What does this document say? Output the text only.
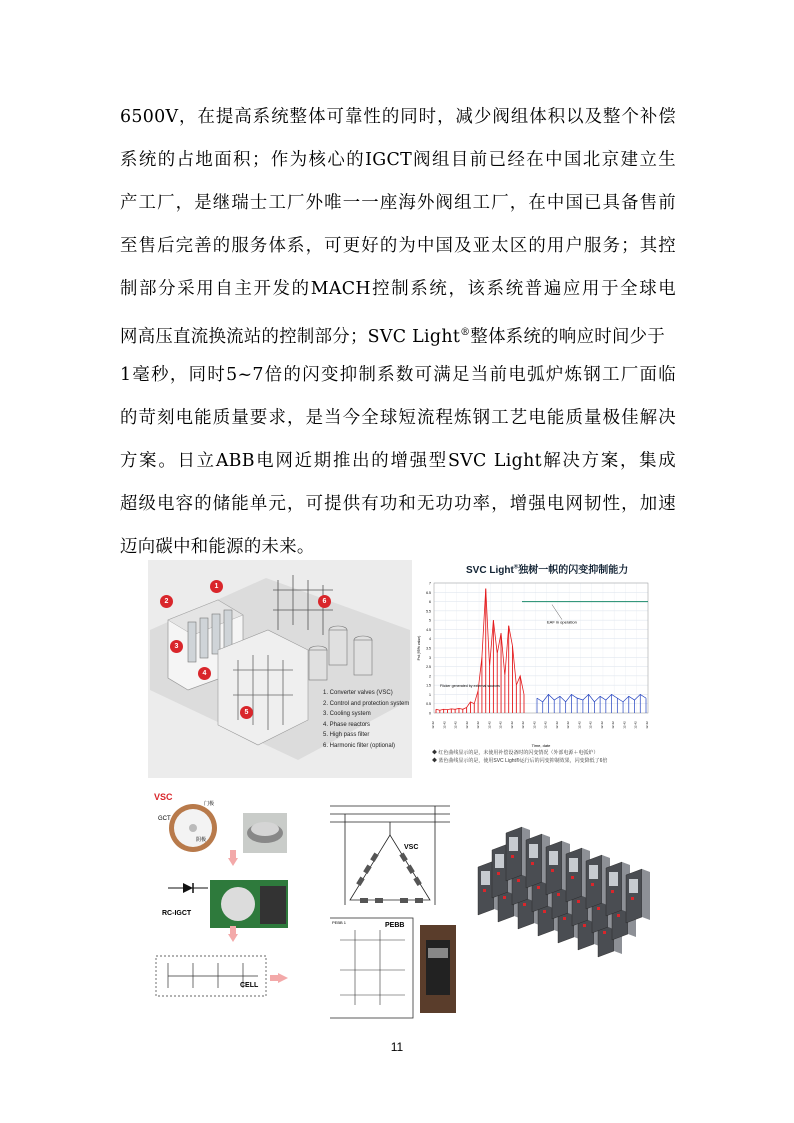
6500V，在提高系统整体可靠性的同时，减少阀组体积以及整个补偿
系统的占地面积；作为核心的IGCT阀组目前已经在中国北京建立生
产工厂，是继瑞士工厂外唯一一座海外阀组工厂，在中国已具备售前
至售后完善的服务体系，可更好的为中国及亚太区的用户服务；其控
制部分采用自主开发的MACH控制系统，该系统普遍应用于全球电
网高压直流换流站的控制部分；SVC Light®整体系统的响应时间少于
1毫秒，同时5~7倍的闪变抑制系数可满足当前电弧炉炼钢工厂面临
的苛刻电能质量要求，是当今全球短流程炼钢工艺电能质量极佳解决
方案。日立ABB电网近期推出的增强型SVC Light解决方案，集成
超级电容的储能单元，可提供有功和无功功率，增强电网韧性，加速
迈向碳中和能源的未来。
1
2
3
4
5
6
1. Converter valves (VSC)
2. Control and protection system
3. Cooling system
4. Phase reactors
5. High pass filter
6. Harmonic filter (optional)
SVC Light®独树一帜的闪变抑制能力
7
6.5
6
5.5
5
4.5
4
3.5
3
2.5
2
1.5
1
0.5
0
12:42 12:42 12:42 12:42 12:42 12:42 12:42 12:42 12:42 12:42 12:42 12:42 12:42 12:42 12:42 12:42 12:42 12:42 12:42 12:42
EAF in operation
Flicker generated by external sources
Time, date
Pst (95% value)
◆ 红色曲线显示的是，未使用补偿设备时的闪变情况（外部电源＋电弧炉）
◆ 蓝色曲线显示的是，使用SVC Light®运行后的闪变抑制效果，闪变降低了6倍
VSC
GCT
门极
阴极
RC-IGCT
CELL
VSC
PEBB
PEBB 1
11
